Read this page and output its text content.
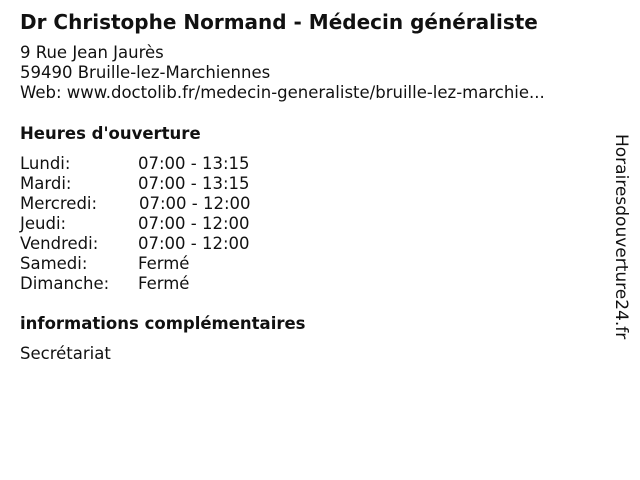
Dr Christophe Normand - Médecin généraliste
9 Rue Jean Jaurès
59490 Bruille-lez-Marchiennes
Web: www.doctolib.fr/medecin-generaliste/bruille-lez-marchie...
Heures d'ouverture
Lundi:	07:00 - 13:15
Mardi:	07:00 - 13:15
Mercredi:	07:00 - 12:00
Jeudi:	07:00 - 12:00
Vendredi: 07:00 - 12:00
Samedi:	Fermé
Dimanche: Fermé
informations complémentaires
Secrétariat
Horairesdouverture24.fr
